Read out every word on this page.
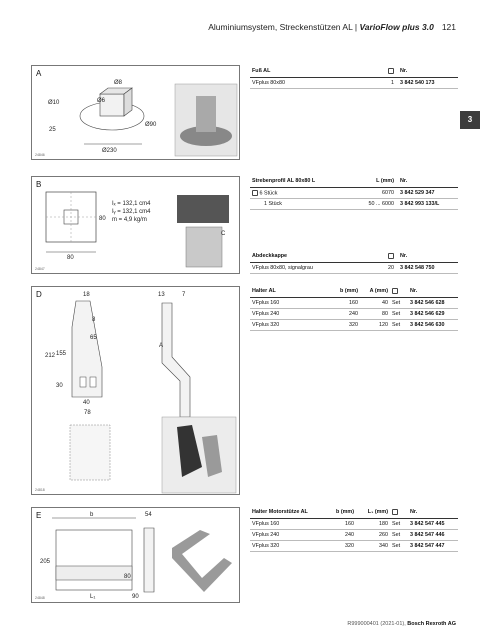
Aluminiumsystem, Streckenstützen AL | VarioFlow plus 3.0 121
3
Ø6
Ø8
Ø10
25
Ø230
Ø90
A
24846
80
80
Iₓ = 132,1 cm4
Iᵧ = 132,1 cm4
m = 4,9 kg/m
C
B
24847
18	13	7
8
65
212 155
30
40
78
A
D
24818
b	54
205
80
L₁	90
E
24848
Fuß AL		Nr.
VFplus 80x80	1	3 842 540 173
Strebenprofil AL 80x80 L	L (mm)	Nr.
6 Stück	6070	3 842 529 347
1 Stück	50 ... 6000	3 842 993 133/L
Abdeckkappe		Nr.
VFplus 80x80, signalgrau	20	3 842 548 750
Halter AL	b (mm)	A (mm)		Nr.
VFplus 160	160	40	Set	3 842 546 628
VFplus 240	240	80	Set	3 842 546 629
VFplus 320	320	120	Set	3 842 546 630
Halter Motorstütze AL	b (mm)	L₁ (mm)		Nr.
VFplus 160	160	180	Set	3 842 547 445
VFplus 240	240	260	Set	3 842 547 446
VFplus 320	320	340	Set	3 842 547 447
R999000401 (2021-01), Bosch Rexroth AG
